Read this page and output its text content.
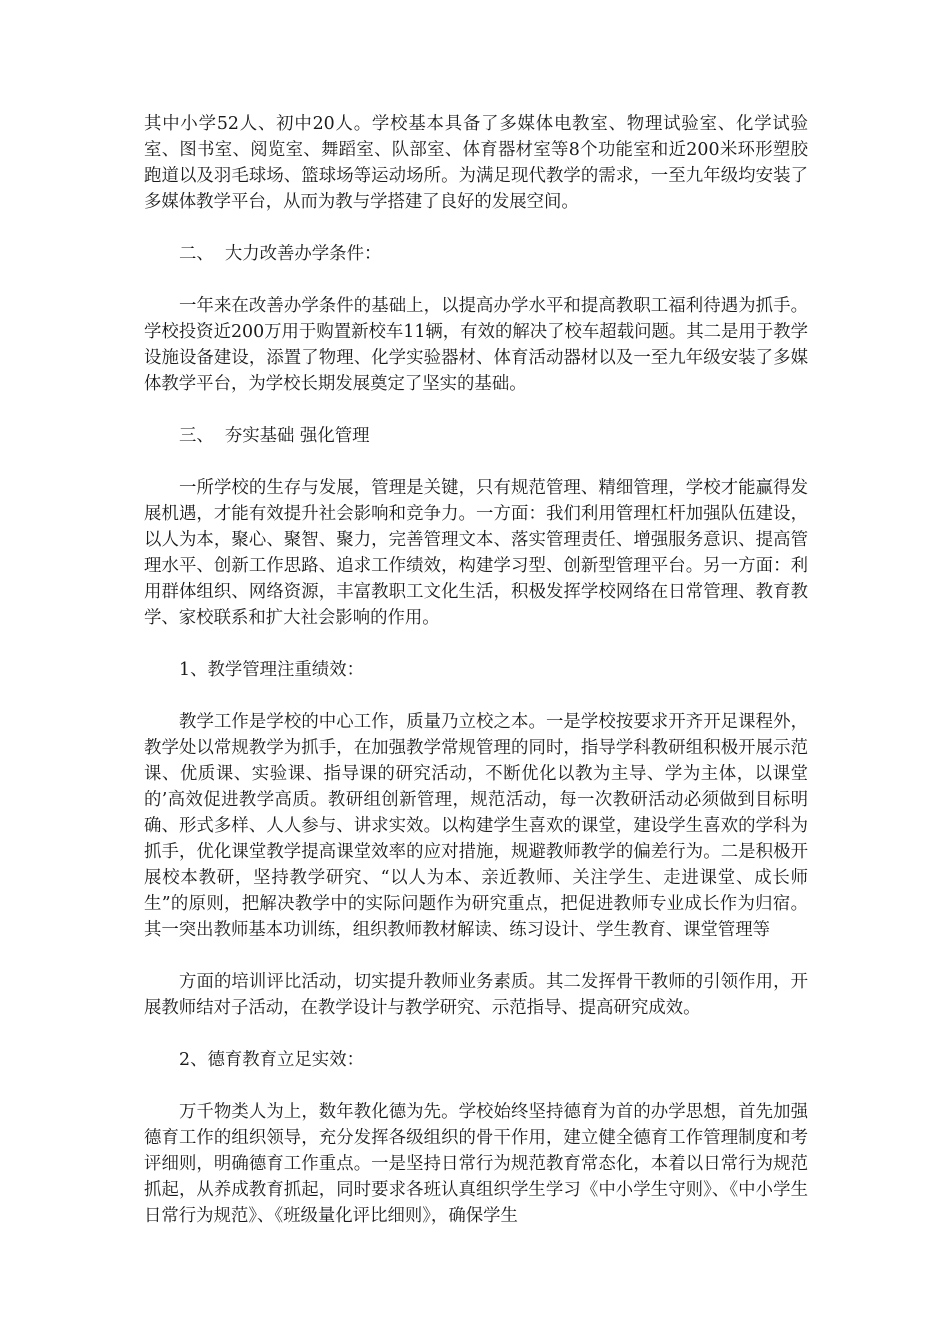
其中小学52人、初中20人。学校基本具备了多媒体电教室、物理试验室、化学试验室、图书室、阅览室、舞蹈室、队部室、体育器材室等8个功能室和近200米环形塑胶跑道以及羽毛球场、篮球场等运动场所。为满足现代教学的需求，一至九年级均安装了多媒体教学平台，从而为教与学搭建了良好的发展空间。

二、  大力改善办学条件：

一年来在改善办学条件的基础上，以提高办学水平和提高教职工福利待遇为抓手。学校投资近200万用于购置新校车11辆，有效的解决了校车超载问题。其二是用于教学设施设备建设，添置了物理、化学实验器材、体育活动器材以及一至九年级安装了多媒体教学平台，为学校长期发展奠定了坚实的基础。

三、  夯实基础 强化管理

一所学校的生存与发展，管理是关键，只有规范管理、精细管理，学校才能赢得发展机遇，才能有效提升社会影响和竞争力。一方面：我们利用管理杠杆加强队伍建设，以人为本，聚心、聚智、聚力，完善管理文本、落实管理责任、增强服务意识、提高管理水平、创新工作思路、追求工作绩效，构建学习型、创新型管理平台。另一方面：利用群体组织、网络资源，丰富教职工文化生活，积极发挥学校网络在日常管理、教育教学、家校联系和扩大社会影响的作用。

1、教学管理注重绩效：

教学工作是学校的中心工作，质量乃立校之本。一是学校按要求开齐开足课程外，教学处以常规教学为抓手，在加强教学常规管理的同时，指导学科教研组积极开展示范课、优质课、实验课、指导课的研究活动，不断优化以教为主导、学为主体，以课堂的’高效促进教学高质。教研组创新管理，规范活动，每一次教研活动必须做到目标明确、形式多样、人人参与、讲求实效。以构建学生喜欢的课堂，建设学生喜欢的学科为抓手，优化课堂教学提高课堂效率的应对措施，规避教师教学的偏差行为。二是积极开展校本教研，坚持教学研究、“以人为本、亲近教师、关注学生、走进课堂、成长师生”的原则，把解决教学中的实际问题作为研究重点，把促进教师专业成长作为归宿。其一突出教师基本功训练，组织教师教材解读、练习设计、学生教育、课堂管理等

方面的培训评比活动，切实提升教师业务素质。其二发挥骨干教师的引领作用，开展教师结对子活动，在教学设计与教学研究、示范指导、提高研究成效。

2、德育教育立足实效：

万千物类人为上，数年教化德为先。学校始终坚持德育为首的办学思想，首先加强德育工作的组织领导，充分发挥各级组织的骨干作用，建立健全德育工作管理制度和考评细则，明确德育工作重点。一是坚持日常行为规范教育常态化，本着以日常行为规范抓起，从养成教育抓起，同时要求各班认真组织学生学习《中小学生守则》、《中小学生日常行为规范》、《班级量化评比细则》，确保学生
